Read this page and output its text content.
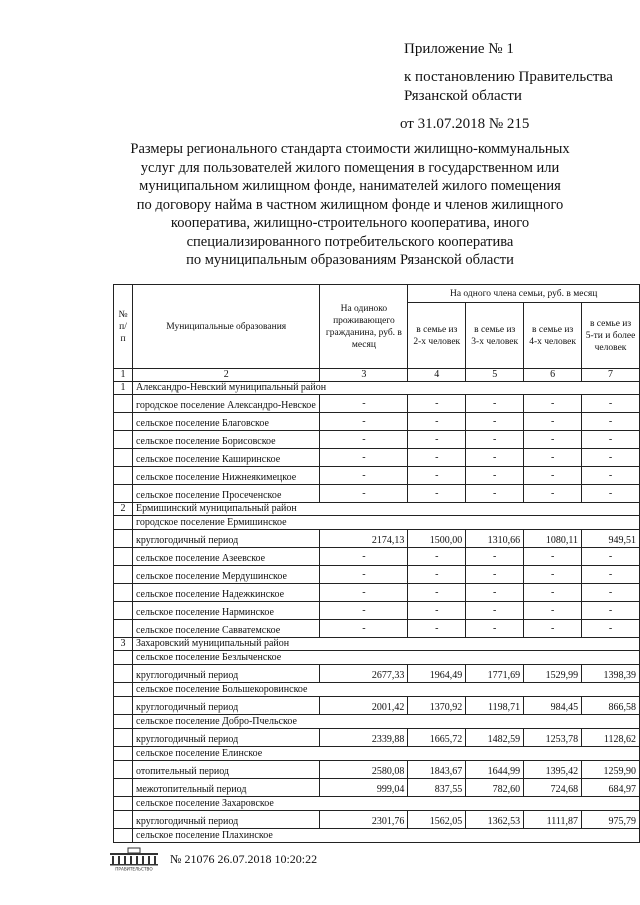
Приложение № 1
к постановлению Правительства
Рязанской области
от 31.07.2018 № 215
Размеры регионального стандарта стоимости жилищно-коммунальных
услуг для пользователей жилого помещения в государственном или
муниципальном жилищном фонде, нанимателей жилого помещения
по договору найма в частном жилищном фонде и членов жилищного
кооператива, жилищно-строительного кооператива, иного
специализированного потребительского кооператива
по муниципальным образованиям Рязанской области
№ п/п	Муниципальные образования	На одиноко проживающего гражданина, руб. в месяц	На одного члена семьи, руб. в месяц			
			в семье из 2-х человек	в семье из 3-х человек	в семье из 4-х человек	в семье из 5-ти и более человек
1	2	3	4	5	6	7
1	Александро-Невский муниципальный район					
	городское поселение Александро-Невское	-	-	-	-	-
	сельское поселение Благовское	-	-	-	-	-
	сельское поселение Борисовское	-	-	-	-	-
	сельское поселение Каширинское	-	-	-	-	-
	сельское поселение Нижнеякимецкое	-	-	-	-	-
	сельское поселение Просеченское	-	-	-	-	-
2	Ермишинский муниципальный район					
	городское поселение Ермишинское					
	круглогодичный период	2174,13	1500,00	1310,66	1080,11	949,51
	сельское поселение Азеевское	-	-	-	-	-
	сельское поселение Мердушинское	-	-	-	-	-
	сельское поселение Надежкинское	-	-	-	-	-
	сельское поселение Нарминское	-	-	-	-	-
	сельское поселение Савватемское	-	-	-	-	-
3	Захаровский муниципальный район					
	сельское поселение Безлыченское					
	круглогодичный период	2677,33	1964,49	1771,69	1529,99	1398,39
	сельское поселение Большекоровинское					
	круглогодичный период	2001,42	1370,92	1198,71	984,45	866,58
	сельское поселение Добро-Пчельское					
	круглогодичный период	2339,88	1665,72	1482,59	1253,78	1128,62
	сельское поселение Елинское					
	отопительный период	2580,08	1843,67	1644,99	1395,42	1259,90
	межотопительный период	999,04	837,55	782,60	724,68	684,97
	сельское поселение Захаровское					
	круглогодичный период	2301,76	1562,05	1362,53	1111,87	975,79
	сельское поселение Плахинское					
ПРАВИТЕЛЬСТВО
№ 21076 26.07.2018 10:20:22
